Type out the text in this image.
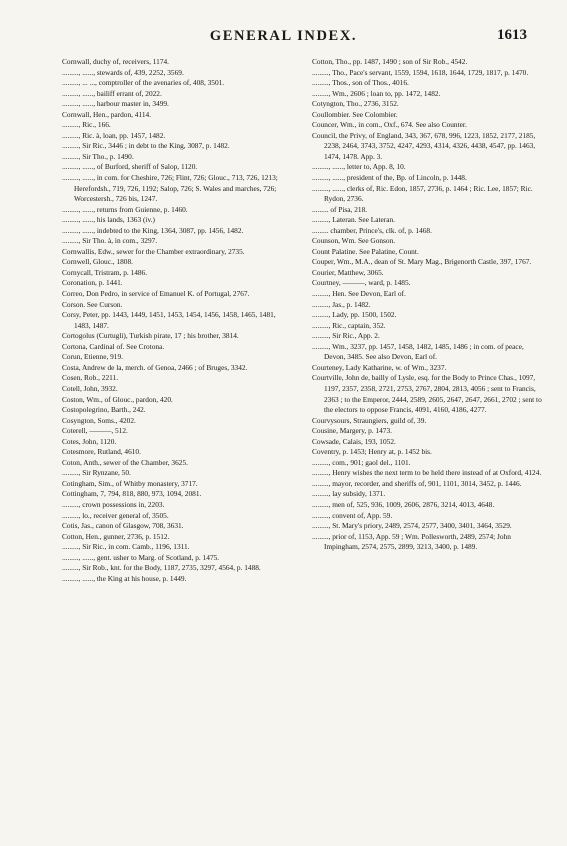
GENERAL INDEX.	1613

Cornwall, duchy of, receivers, 1174.

........., ......, stewards of, 439, 2252, 3569.

........., ... ..., comptroller of the avenaries of, 408, 3501.

........., ......, bailiff errant of, 2022.

........., ......, harbour master in, 3499.

Cornwall, Hen., pardon, 4114.

........., Ric., 166.

........., Ric. à, loan, pp. 1457, 1482.

........., Sir Ric., 3446 ; in debt to the King, 3087, p. 1482.

........., Sir Tho., p. 1490.

........., ......, of Burford, sheriff of Salop, 1120.

........., ......, in com. for Cheshire, 726; Flint, 726; Glouc., 713, 726, 1213; Herefordsh., 719, 726, 1192; Salop, 726; S. Wales and marches, 726; Worcestersh., 726 bis, 1247.

........., ......, returns from Guienne, p. 1460.

........., ......, his lands, 1363 (iv.)

........., ......, indebted to the King, 1364, 3087, pp. 1456, 1482.

........., Sir Tho. à, in com., 3297.

Cornwallis, Edw., sewer for the Chamber extraordinary, 2735.

Cornwell, Glouc., 1808.

Cornycall, Tristram, p. 1486.

Coronation, p. 1441.

Correo, Don Pedro, in service of Emanuel K. of Portugal, 2767.

Corson. See Curson.

Corsy, Peter, pp. 1443, 1449, 1451, 1453, 1454, 1456, 1458, 1465, 1481, 1483, 1487.

Cortogolus (Curtugli), Turkish pirate, 17 ; his brother, 3814.

Cortona, Cardinal of. See Crotona.

Corun, Etienne, 919.

Costa, Andrew de la, merch. of Genoa, 2466 ; of Bruges, 3342.

Cosen, Rob., 2211.

Cotell, John, 3932.

Coston, Wm., of Glouc., pardon, 420.

Costopolegrino, Barth., 242.

Cosyngton, Soms., 4202.

Coterell, ———, 512.

Cotes, John, 1120.

Cotesmore, Rutland, 4610.

Coton, Anth., sewer of the Chamber, 3625.

........., Sir Rynzane, 50.

Cotingham, Sim., of Whitby monastery, 3717.

Cottingham, 7, 794, 818, 880, 973, 1094, 2081.

........., crown possessions in, 2203.

........., lo., receiver general of, 3505.

Cotis, Jas., canon of Glasgow, 708, 3631.

Cotton, Hen., gunner, 2736, p. 1512.

........., Sir Ric., in com. Camb., 1196, 1311.

........., ......, gent. usher to Marg. of Scotland, p. 1475.

........., Sir Rob., knt. for the Body, 1187, 2735, 3297, 4564, p. 1488.

........., ......, the King at his house, p. 1449.

Cotton, Tho., pp. 1487, 1490 ; son of Sir Rob., 4542.

........., Tho., Pace's servant, 1559, 1594, 1618, 1644, 1729, 1817, p. 1470.

........., Thos., son of Thos., 4016.

........., Wm., 2606 ; loan to, pp. 1472, 1482.

Cotyngton, Tho., 2736, 3152.

Coullombier. See Colombier.

Councer, Wm., in com., Oxf., 674. See also Counter.

Council, the Privy, of England, 343, 367, 678, 996, 1223, 1852, 2177, 2185, 2238, 2464, 3743, 3752, 4247, 4293, 4314, 4326, 4438, 4547, pp. 1463, 1474, 1478. App. 3.

........., ......, letter to, App. 8, 10.

........., ......, president of the, Bp. of Lincoln, p. 1448.

........., ......, clerks of, Ric. Edon, 1857, 2736, p. 1464 ; Ric. Lee, 1857; Ric. Rydon, 2736.

......... of Pisa, 218.

........., Lateran. See Lateran.

......... chamber, Prince's, clk. of, p. 1468.

Counson, Wm. See Gonson.

Count Palatine. See Palatine, Count.

Couper, Wm., M.A., dean of St. Mary Mag., Brigenorth Castle, 397, 1767.

Courier, Matthew, 3065.

Courtney, ———, ward, p. 1485.

........., Hen. See Devon, Earl of.

........., Jas., p. 1482.

........., Lady, pp. 1500, 1502.

........., Ric., captain, 352.

........., Sir Ric., App. 2.

........., Wm., 3237, pp. 1457, 1458, 1482, 1485, 1486 ; in com. of peace, Devon, 3485. See also Devon, Earl of.

Courteney, Lady Katharine, w. of Wm., 3237.

Courtville, John de, bailly of Lysle, esq. for the Body to Prince Chas., 1097, 1197, 2357, 2358, 2721, 2753, 2767, 2804, 2813, 4056 ; sent to Francis, 2363 ; to the Emperor, 2444, 2589, 2605, 2647, 2647, 2661, 2702 ; sent to the electors to oppose Francis, 4091, 4160, 4186, 4277.

Courvysours, Straungiers, guild of, 39.

Cousine, Margery, p. 1473.

Cowsade, Calais, 193, 1052.

Coventry, p. 1453; Henry at, p. 1452 bis.

........., com., 901; gaol del., 1101.

........., Henry wishes the next term to be held there instead of at Oxford, 4124.

........., mayor, recorder, and sheriffs of, 901, 1101, 3014, 3452, p. 1446.

........., lay subsidy, 1371.

........., men of, 525, 936, 1009, 2606, 2876, 3214, 4013, 4648.

........., convent of, App. 59.

........., St. Mary's priory, 2489, 2574, 2577, 3400, 3401, 3464, 3529.

........., prior of, 1153, App. 59 ; Wm. Pollesworth, 2489, 2574; John Impingham, 2574, 2575, 2899, 3213, 3400, p. 1489.
